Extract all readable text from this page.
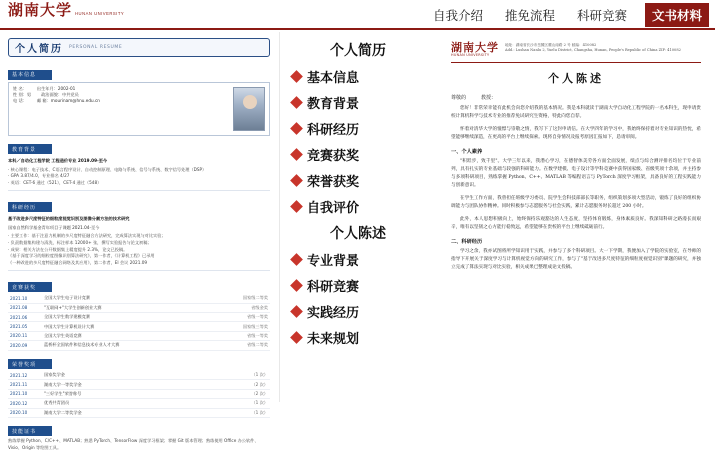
湖南大学 HUNAN UNIVERSITY	自我介绍	推免流程	科研竞赛	文书材料
个人简历 PERSONAL RESUME
基本信息
姓 名： 出生年月：2002-01
性 别：男 政治面貌：中共党员
电 话： 邮 箱：mourinam@hnu.edu.cn
教育背景
本科／自动化工程学院 工程造价专业 2019.09-至今
· 核心课程：电子技术、C语言程序设计、自动控制原理、电路与系统、信号与系统、数字信号处理（DSP）
· GPA 3.87/4.0，专业排名 4/27
· 英语：CET-6 通过（521），CET-4 通过（548）
科研经历
基于改进多尺度特征的细粒度视觉识别及图像分割方法的技术研究
国家自然科学基金青年项目子课题 2021.04-至今
· 主要工作：基于注意力机制的多尺度特征融合方法研究，完成算法实现与对比实验；
· 负责数据集构建与清洗，标注样本 12000+ 张，撰写实验报告与论文初稿；
· 成果：相关方法在公开数据集上精度提升 2.3%，论文已投稿。
《基于深度学习的细粒度图像识别算法研究》，第一作者，《计算机工程》已录用
《一种改进的多尺度特征融合网络及其应用》，第二作者，EI 会议 2021.09
竞赛获奖
2021.10	全国大学生电子设计竞赛	国家级二等奖
2021.08	"互联网+"大学生创新创业大赛	省级金奖
2021.06	全国大学生数学建模竞赛	省级一等奖
2021.05	中国大学生计算机设计大赛	国家级三等奖
2020.11	全国大学生英语竞赛	省级一等奖
2020.09	蓝桥杯全国软件和信息技术专业人才大赛	省级二等奖
荣誉奖项
2021.12	国家奖学金	（1 次）
2021.11	湖南大学一等奖学金	（2 次）
2021.10	"三好学生"荣誉称号	（2 次）
2020.12	优秀共青团员	（1 次）
2020.10	湖南大学二等奖学金	（1 次）
技能证书
熟练掌握 Python、C/C++、MATLAB；熟悉 PyTorch、TensorFlow 深度学习框架；掌握 Git 版本管理；熟练使用 Office 办公软件、Visio、Origin 等绘图工具。
个人简历
基本信息
教育背景
科研经历
竞赛获奖
荣誉获奖
自我评价
个人陈述
专业背景
科研竞赛
实践经历
未来规划
湖南大学
HUNAN UNIVERSITY
地址：湖南省长沙市岳麓区麓山南路 2 号 邮编：410082
Add.: Lushan Nanlu 2, Yuelu District, Changsha, Hunan, People's Republic of China ZIP: 410082
个人陈述
尊敬的　　　教授：

您好！非常荣幸能有此机会向您介绍我的基本情况。我是本科就读于湖南大学自动化工程学院的一名本科生，现申请贵校计算机科学与技术专业的推荐免试研究生资格，特此向您自荐。

怀着对清华大学的憧憬与崇敬之情，我写下了这封申请信。在大学四年的学习中，我始终保持着对专业知识的热忱，希望能够继续深造，在更高的平台上继续探索。现将自身情况及报考原因汇报如下，恳请审阅。

一、个人素养

"积跬步，致千里"。大学三年以来，我潜心学习，在德智体美劳各方面全面发展，绩点与综合测评排名均位于专业前列，具有扎实的专业基础与较强的科研能力。在数学建模、电子设计等学科竞赛中获得国家级、省级奖项十余项，并主持参与多项科研项目，熟练掌握 Python、C++、MATLAB 等编程语言与 PyTorch 深度学习框架，具备良好的工程实践能力与创新意识。

在学生工作方面，我曾担任班级学习委员、院学生会科技部部长等职务，组织策划多项大型活动，锻炼了良好的组织协调能力与团队协作精神。同时积极参与志愿服务与社会实践，累计志愿服务时长超过 200 小时。

此外，本人思想积极向上，始终保持乐观豁达的人生态度，坚持体育锻炼，身体素质良好。我深知科研之路漫长而艰辛，唯有以坚韧之心方能行稳致远，希望能够在贵校的平台上继续砥砺前行。

二、科研经历

学习之余，我亦试图将所学知识用于实践，并参与了多个科研项目。大一下学期，我便加入了学院的实验室，在导师的指导下开展关于深度学习与计算机视觉方向的研究工作，参与了"基于改进多尺度特征的细粒度视觉识别"课题的研究，并独立完成了算法实现与对比实验，相关成果已整理成论文投稿。
